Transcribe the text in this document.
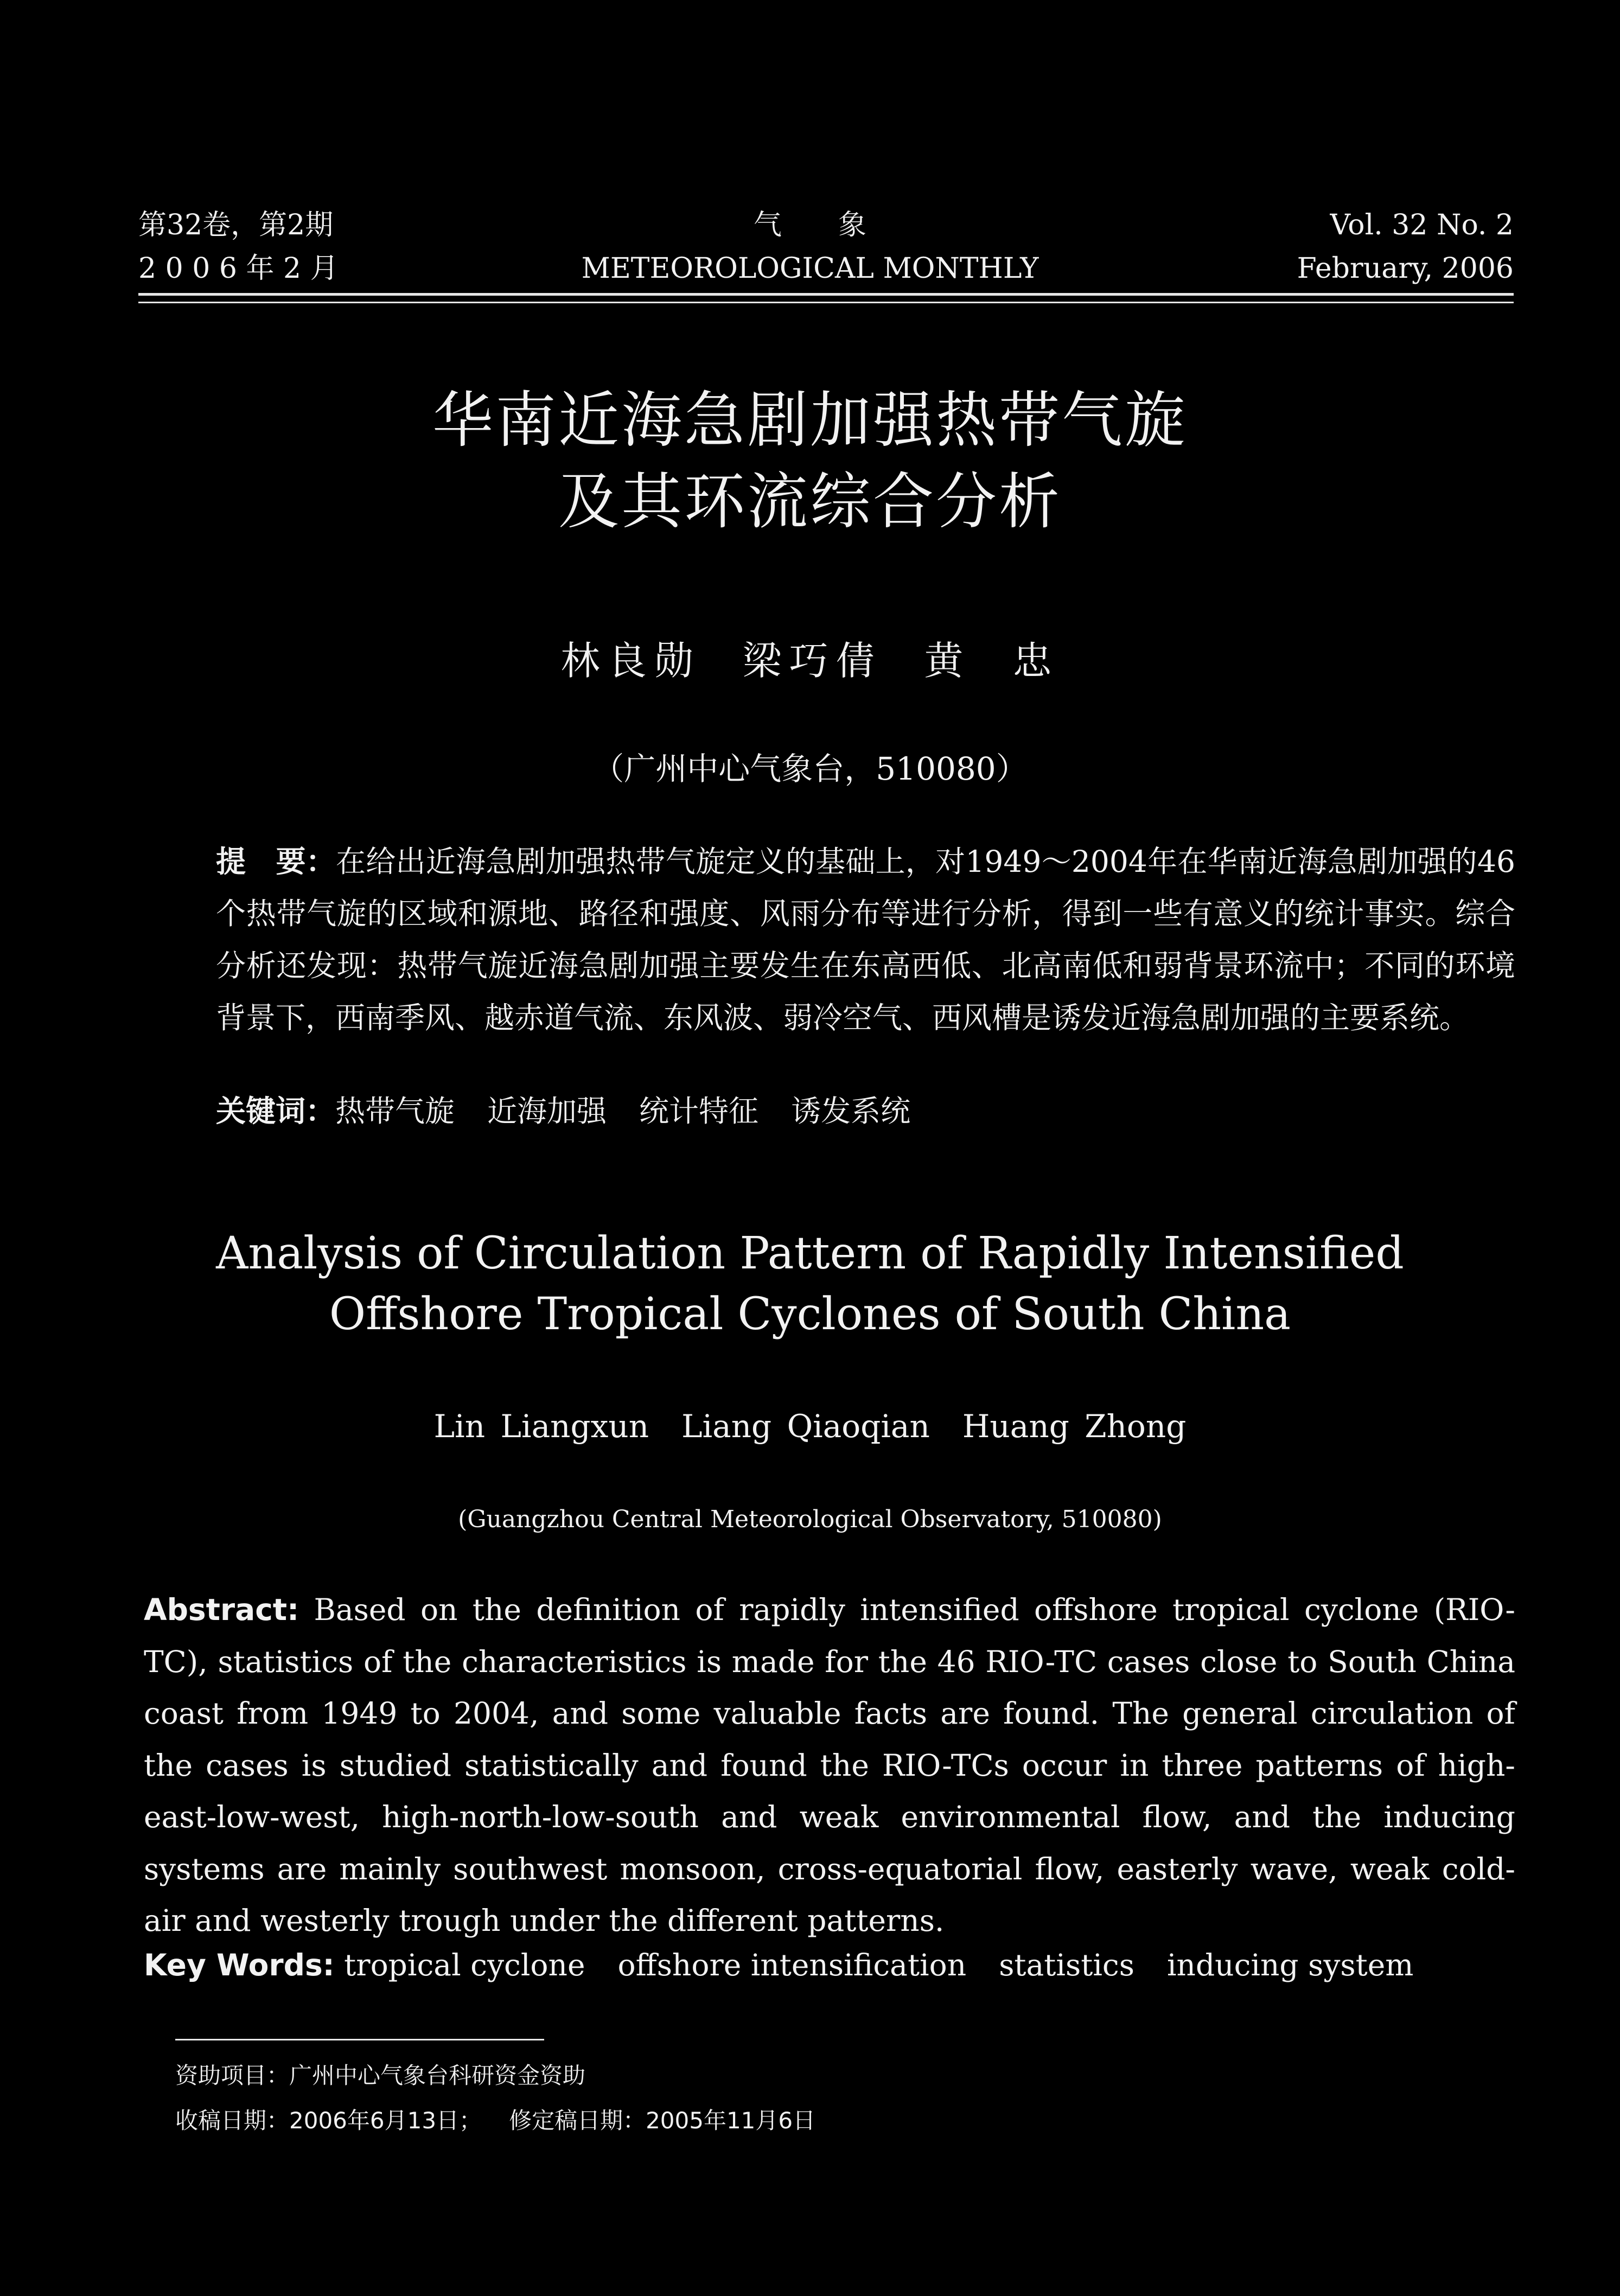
第32卷，第2期
2 0 0 6 年 2 月
气　　象
METEOROLOGICAL MONTHLY
Vol. 32 No. 2
February, 2006
华南近海急剧加强热带气旋
及其环流综合分析
林良勋 梁巧倩 黄 忠
（广州中心气象台，510080）
提　要：在给出近海急剧加强热带气旋定义的基础上，对1949～2004年在华南近海急剧加强的46个热带气旋的区域和源地、路径和强度、风雨分布等进行分析，得到一些有意义的统计事实。综合分析还发现：热带气旋近海急剧加强主要发生在东高西低、北高南低和弱背景环流中；不同的环境背景下，西南季风、越赤道气流、东风波、弱冷空气、西风槽是诱发近海急剧加强的主要系统。
关键词：热带气旋 近海加强 统计特征 诱发系统
Analysis of Circulation Pattern of Rapidly Intensified
Offshore Tropical Cyclones of South China
Lin Liangxun Liang Qiaoqian Huang Zhong
(Guangzhou Central Meteorological Observatory, 510080)
Abstract: Based on the definition of rapidly intensified offshore tropical cyclone (RIO-TC), statistics of the characteristics is made for the 46 RIO-TC cases close to South China coast from 1949 to 2004, and some valuable facts are found. The general circulation of the cases is studied statistically and found the RIO-TCs occur in three patterns of high-east-low-west, high-north-low-south and weak environmental flow, and the inducing systems are mainly southwest monsoon, cross-equatorial flow, easterly wave, weak cold-air and westerly trough under the different patterns.
Key Words: tropical cyclone offshore intensification statistics inducing system
资助项目：广州中心气象台科研资金资助
收稿日期：2006年6月13日； 修定稿日期：2005年11月6日
